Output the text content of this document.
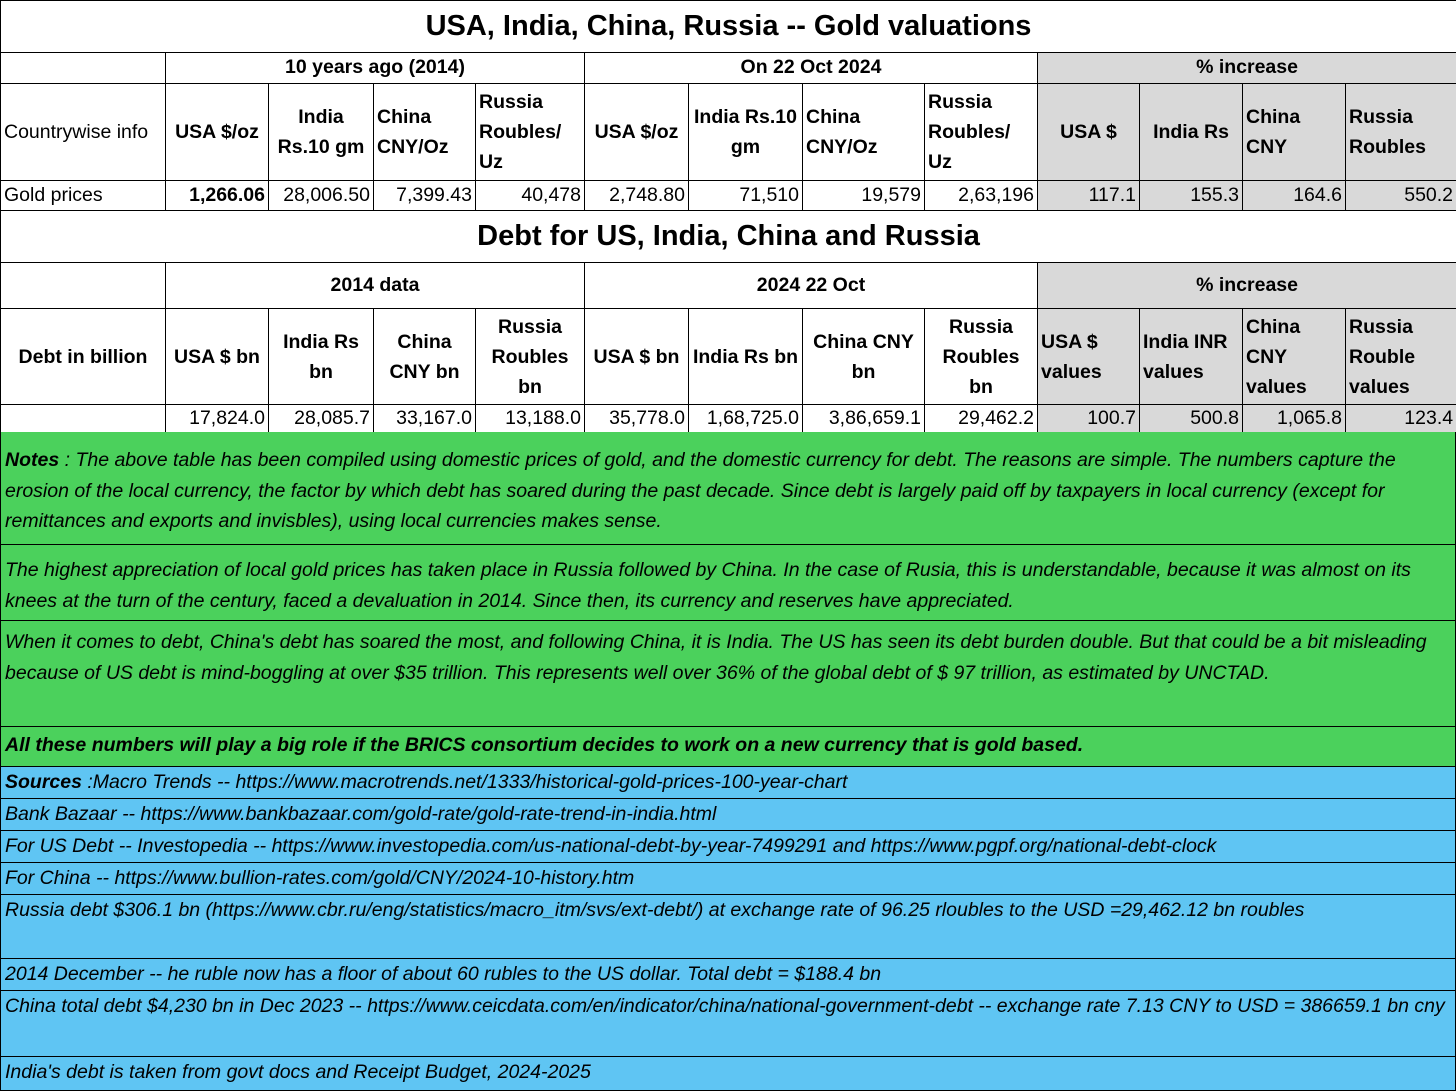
USA, India, China, Russia -- Gold valuations												
	10 years ago (2014)				On 22 Oct 2024				% increase			
Countrywise info	USA $/oz	India Rs.10 gm	China CNY/Oz	Russia Roubles/ Uz	USA $/oz	India Rs.10 gm	China CNY/Oz	Russia Roubles/ Uz	USA $	India Rs	China CNY	Russia Roubles
Gold prices	1,266.06	28,006.50	7,399.43	40,478	2,748.80	71,510	19,579	2,63,196	117.1	155.3	164.6	550.2
Debt for US, India, China and Russia												
	2014 data				2024 22 Oct				% increase			
Debt in billion	USA $ bn	India Rs bn	China CNY bn	Russia Roubles bn	USA $ bn	India Rs bn	China CNY bn	Russia Roubles bn	USA $ values	India INR values	China CNY values	Russia Rouble values
	17,824.0	28,085.7	33,167.0	13,188.0	35,778.0	1,68,725.0	3,86,659.1	29,462.2	100.7	500.8	1,065.8	123.4
Notes : The above table has been compiled using domestic prices of gold, and the domestic currency for debt. The reasons are simple. The numbers capture the erosion of the local currency, the factor by which debt has soared during the past decade. Since debt is largely paid off by taxpayers in local currency (except for remittances and exports and invisbles), using local currencies makes sense.
The highest appreciation of local gold prices has taken place in Russia followed by China. In the case of Rusia, this is understandable, because it was almost on its knees at the turn of the century, faced a devaluation in 2014. Since then, its currency and reserves have appreciated.
When it comes to debt, China's debt has soared the most, and following China, it is India. The US has seen its debt burden double. But that could be a bit misleading because of US debt is mind-boggling at over $35 trillion. This represents well over 36% of the global debt of $ 97 trillion, as estimated by UNCTAD.
All these numbers will play a big role if the BRICS consortium decides to work on a new currency that is gold based.
Sources :Macro Trends -- https://www.macrotrends.net/1333/historical-gold-prices-100-year-chart
Bank Bazaar -- https://www.bankbazaar.com/gold-rate/gold-rate-trend-in-india.html
For US Debt -- Investopedia -- https://www.investopedia.com/us-national-debt-by-year-7499291 and https://www.pgpf.org/national-debt-clock
For China -- https://www.bullion-rates.com/gold/CNY/2024-10-history.htm
Russia debt $306.1 bn (https://www.cbr.ru/eng/statistics/macro_itm/svs/ext-debt/) at exchange rate of 96.25 rloubles to the USD =29,462.12 bn roubles
2014 December -- he ruble now has a floor of about 60 rubles to the US dollar. Total debt = $188.4 bn
China total debt $4,230 bn in Dec 2023 -- https://www.ceicdata.com/en/indicator/china/national-government-debt -- exchange rate 7.13 CNY to USD = 386659.1 bn cny
India's debt is taken from govt docs and Receipt Budget, 2024-2025
